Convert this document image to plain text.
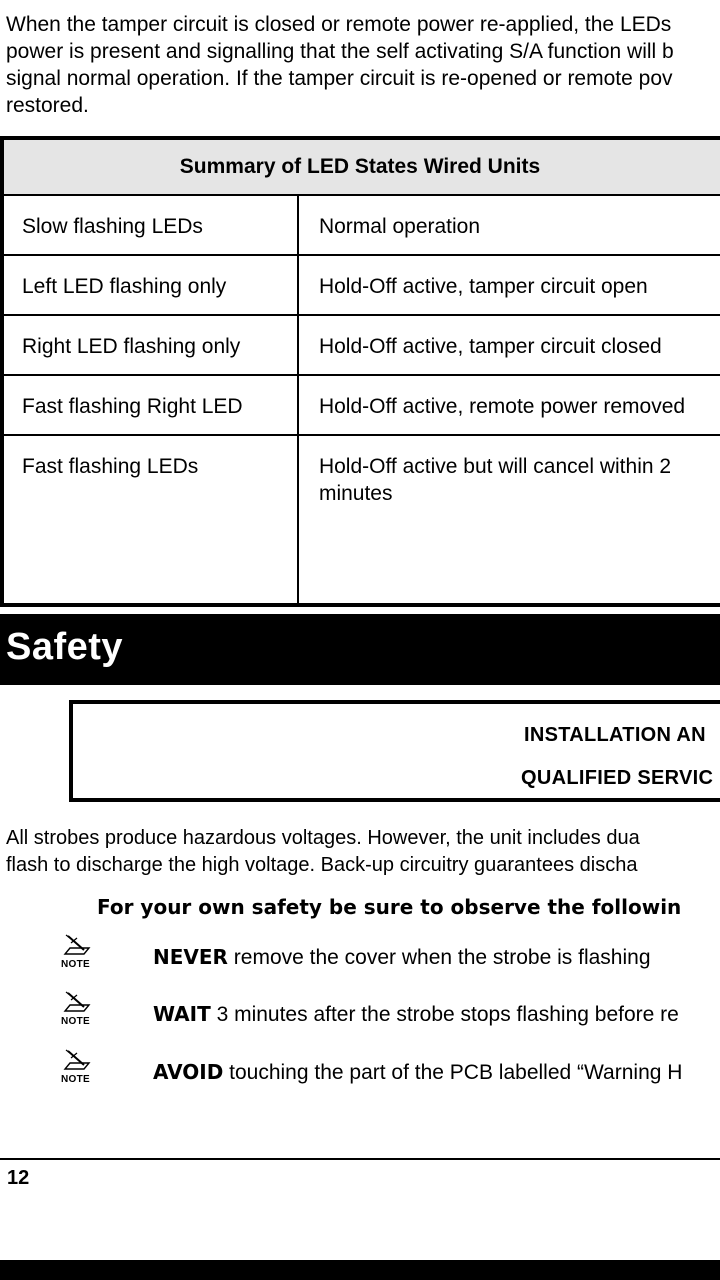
When the tamper circuit is closed or remote power re-applied, the LEDs
power is present and signalling that the self activating S/A function will b
signal normal operation. If the tamper circuit is re-opened or remote pov
restored.
Summary of LED States Wired Units	
Slow flashing LEDs	Normal operation
Left LED flashing only	Hold-Off active, tamper circuit open
Right LED flashing only	Hold-Off active, tamper circuit closed
Fast flashing Right LED	Hold-Off active, remote power removed
Fast flashing LEDs	Hold-Off active but will cancel within 2 minutes
Safety
INSTALLATION AN
QUALIFIED SERVIC
All strobes produce hazardous voltages. However, the unit includes dua
flash to discharge the high voltage. Back-up circuitry guarantees discha
For your own safety be sure to observe the followin
NOTE	NEVER remove the cover when the strobe is flashing
NOTE	WAIT 3 minutes after the strobe stops flashing before re
NOTE	AVOID touching the part of the PCB labelled “Warning H
12
